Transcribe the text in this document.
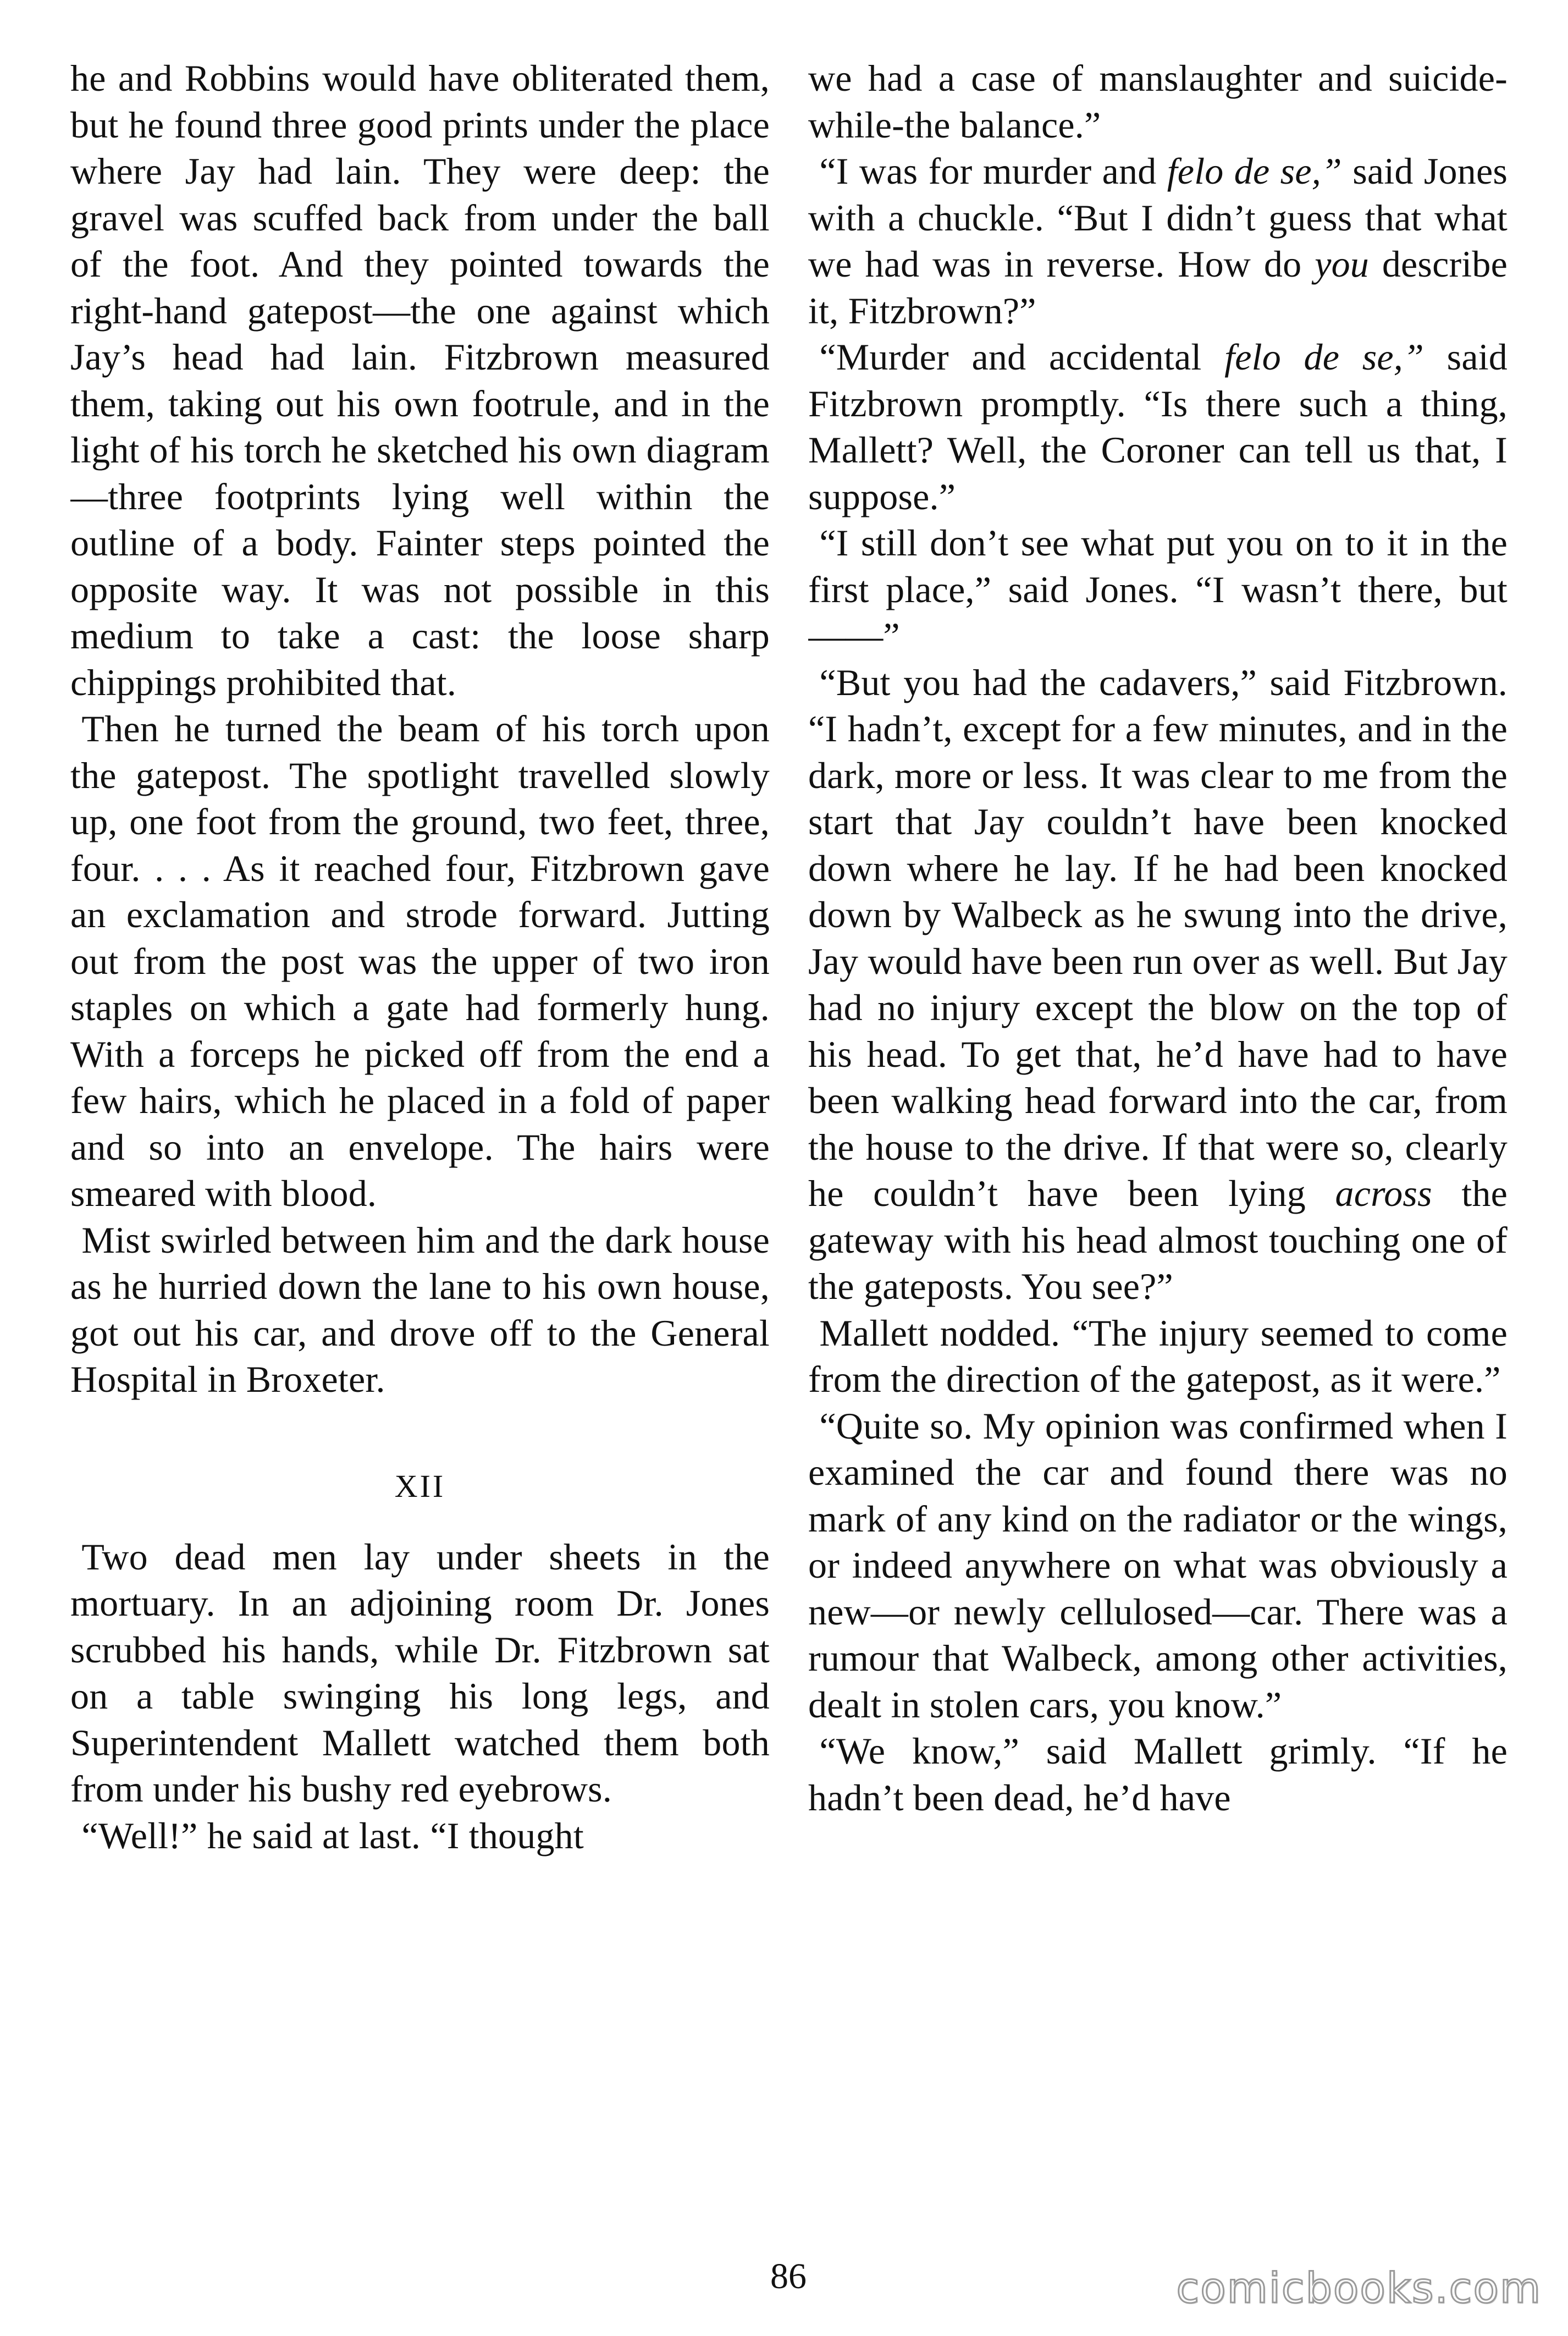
he and Robbins would have obliterated them, but he found three good prints under the place where Jay had lain. They were deep: the gravel was scuffed back from under the ball of the foot. And they pointed towards the right-hand gatepost—the one against which Jay’s head had lain. Fitzbrown measured them, taking out his own footrule, and in the light of his torch he sketched his own diagram—three footprints lying well within the outline of a body. Fainter steps pointed the opposite way. It was not possible in this medium to take a cast: the loose sharp chippings prohibited that.

Then he turned the beam of his torch upon the gatepost. The spotlight travelled slowly up, one foot from the ground, two feet, three, four. . . . As it reached four, Fitzbrown gave an exclamation and strode forward. Jutting out from the post was the upper of two iron staples on which a gate had formerly hung. With a forceps he picked off from the end a few hairs, which he placed in a fold of paper and so into an envelope. The hairs were smeared with blood.

Mist swirled between him and the dark house as he hurried down the lane to his own house, got out his car, and drove off to the General Hospital in Broxeter.

XII

Two dead men lay under sheets in the mortuary. In an adjoining room Dr. Jones scrubbed his hands, while Dr. Fitzbrown sat on a table swinging his long legs, and Superintendent Mallett watched them both from under his bushy red eyebrows.

“Well!” he said at last. “I thought

we had a case of manslaughter and suicide-while-the balance.”

“I was for murder and felo de se,” said Jones with a chuckle. “But I didn’t guess that what we had was in reverse. How do you describe it, Fitzbrown?”

“Murder and accidental felo de se,” said Fitzbrown promptly. “Is there such a thing, Mallett? Well, the Coroner can tell us that, I suppose.”

“I still don’t see what put you on to it in the first place,” said Jones. “I wasn’t there, but——”

“But you had the cadavers,” said Fitzbrown. “I hadn’t, except for a few minutes, and in the dark, more or less. It was clear to me from the start that Jay couldn’t have been knocked down where he lay. If he had been knocked down by Walbeck as he swung into the drive, Jay would have been run over as well. But Jay had no injury except the blow on the top of his head. To get that, he’d have had to have been walking head forward into the car, from the house to the drive. If that were so, clearly he couldn’t have been lying across the gateway with his head almost touching one of the gateposts. You see?”

Mallett nodded. “The injury seemed to come from the direction of the gatepost, as it were.”

“Quite so. My opinion was confirmed when I examined the car and found there was no mark of any kind on the radiator or the wings, or indeed anywhere on what was obviously a new—or newly cellulosed—car. There was a rumour that Walbeck, among other activities, dealt in stolen cars, you know.”

“We know,” said Mallett grimly. “If he hadn’t been dead, he’d have

86	comicbooks.com
